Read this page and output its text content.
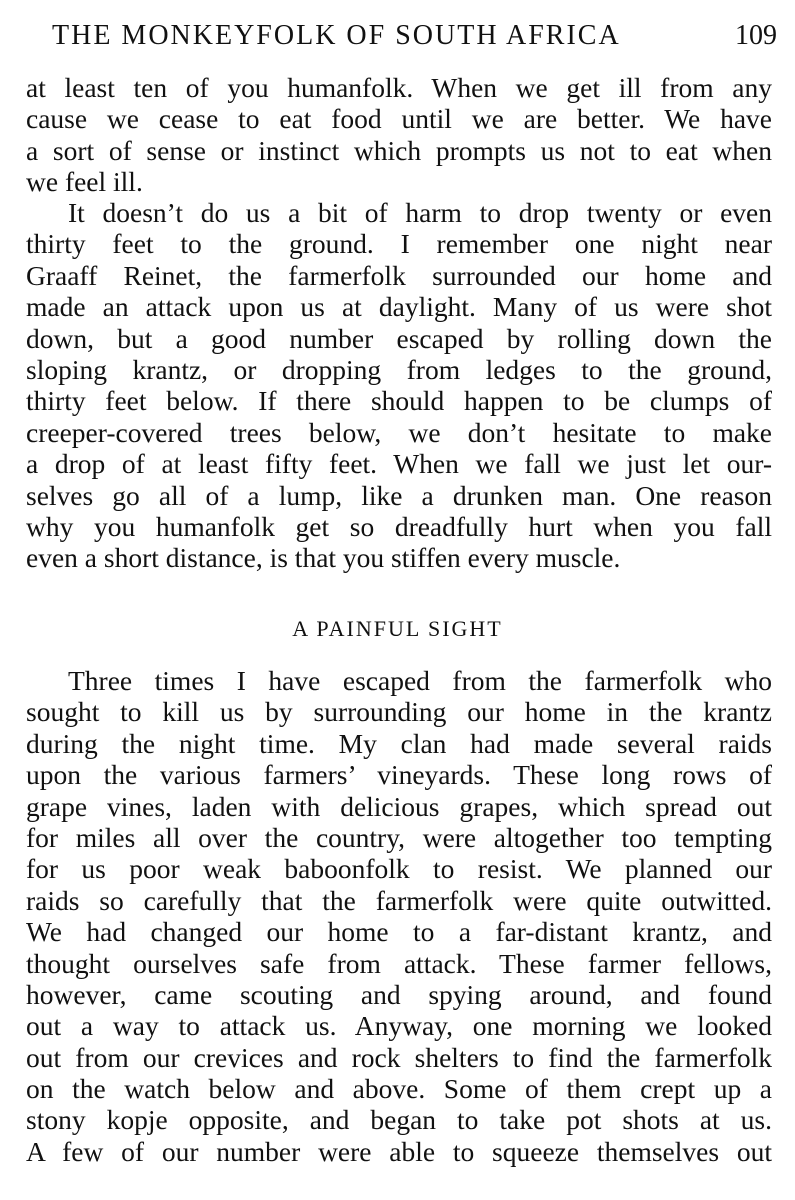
THE MONKEYFOLK OF SOUTH AFRICA	109
at least ten of you humanfolk. When we get ill from any
cause we cease to eat food until we are better. We have
a sort of sense or instinct which prompts us not to eat when
we feel ill.
It doesn’t do us a bit of harm to drop twenty or even
thirty feet to the ground. I remember one night near
Graaff Reinet, the farmerfolk surrounded our home and
made an attack upon us at daylight. Many of us were shot
down, but a good number escaped by rolling down the
sloping krantz, or dropping from ledges to the ground,
thirty feet below. If there should happen to be clumps of
creeper-covered trees below, we don’t hesitate to make
a drop of at least fifty feet. When we fall we just let our-
selves go all of a lump, like a drunken man. One reason
why you humanfolk get so dreadfully hurt when you fall
even a short distance, is that you stiffen every muscle.
A PAINFUL SIGHT
Three times I have escaped from the farmerfolk who
sought to kill us by surrounding our home in the krantz
during the night time. My clan had made several raids
upon the various farmers’ vineyards. These long rows of
grape vines, laden with delicious grapes, which spread out
for miles all over the country, were altogether too tempting
for us poor weak baboonfolk to resist. We planned our
raids so carefully that the farmerfolk were quite outwitted.
We had changed our home to a far-distant krantz, and
thought ourselves safe from attack. These farmer fellows,
however, came scouting and spying around, and found
out a way to attack us. Anyway, one morning we looked
out from our crevices and rock shelters to find the farmerfolk
on the watch below and above. Some of them crept up a
stony kopje opposite, and began to take pot shots at us.
A few of our number were able to squeeze themselves out
